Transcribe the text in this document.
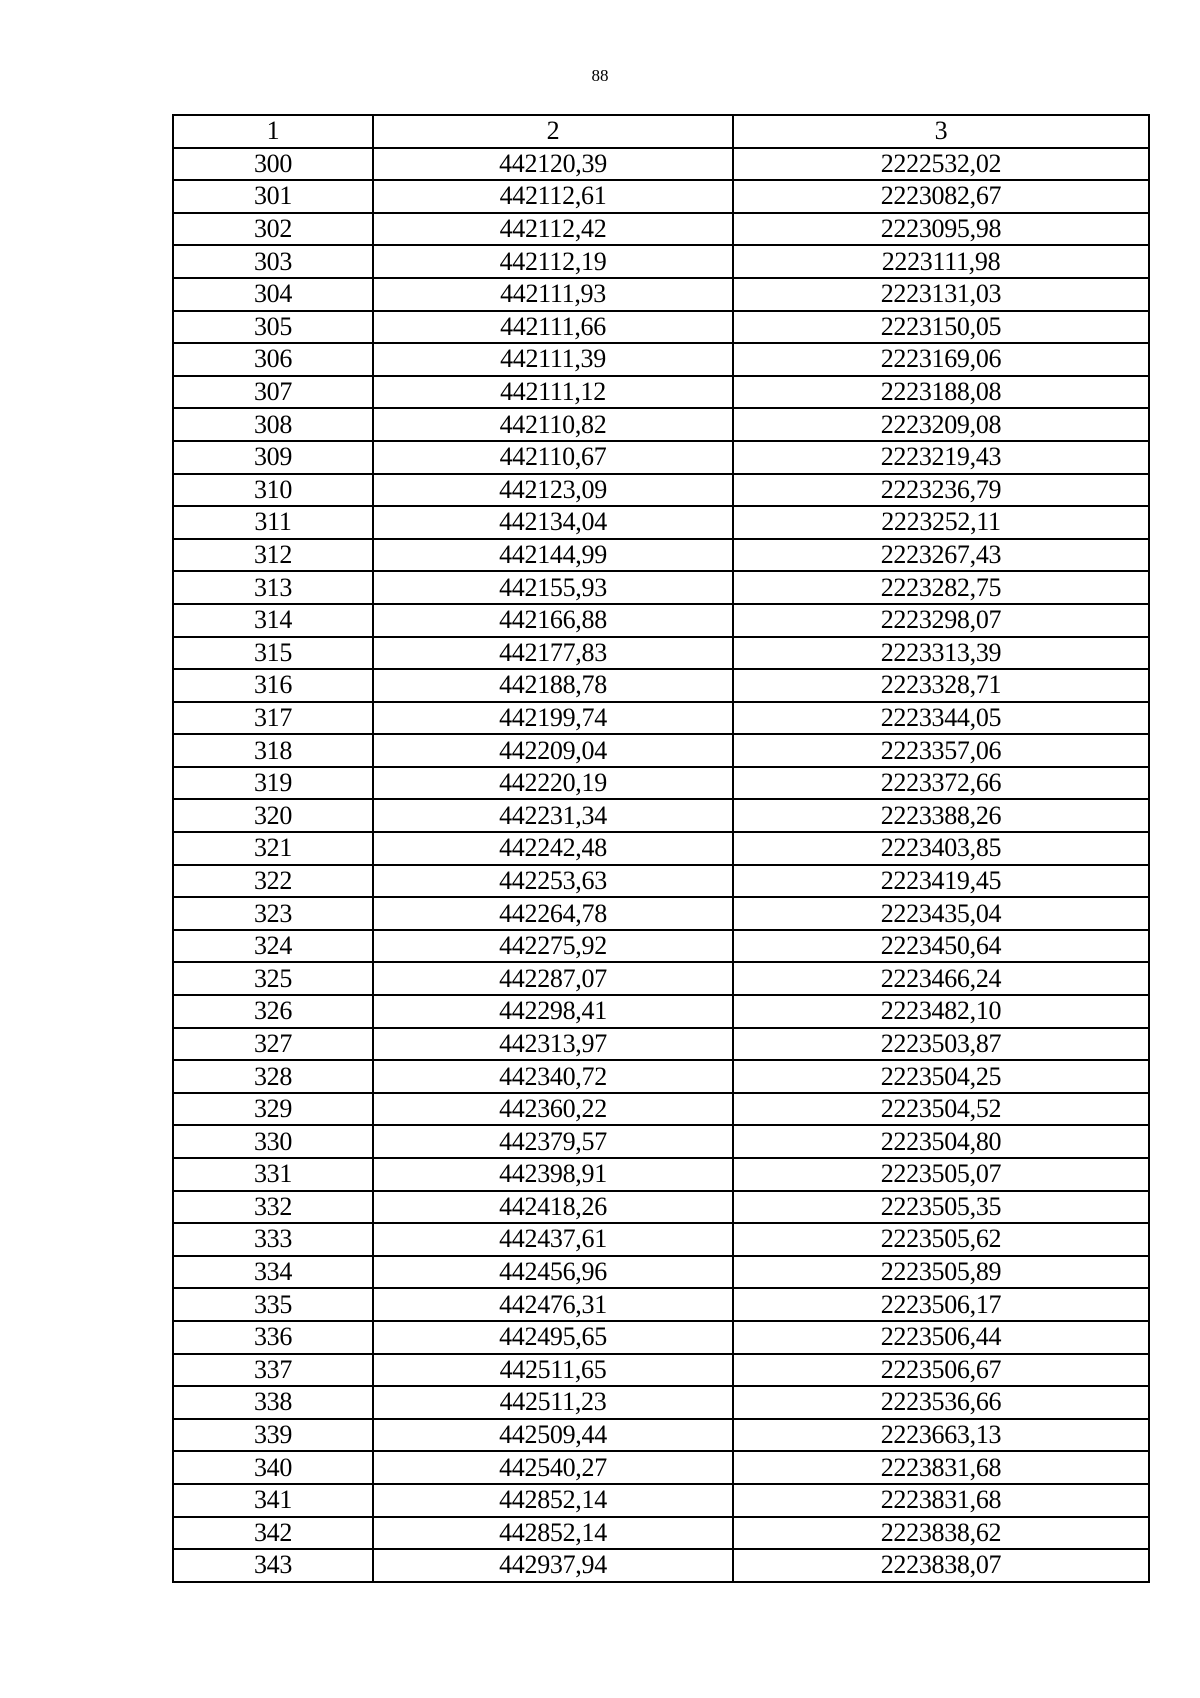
88
1	2	3
300	442120,39	2222532,02
301	442112,61	2223082,67
302	442112,42	2223095,98
303	442112,19	2223111,98
304	442111,93	2223131,03
305	442111,66	2223150,05
306	442111,39	2223169,06
307	442111,12	2223188,08
308	442110,82	2223209,08
309	442110,67	2223219,43
310	442123,09	2223236,79
311	442134,04	2223252,11
312	442144,99	2223267,43
313	442155,93	2223282,75
314	442166,88	2223298,07
315	442177,83	2223313,39
316	442188,78	2223328,71
317	442199,74	2223344,05
318	442209,04	2223357,06
319	442220,19	2223372,66
320	442231,34	2223388,26
321	442242,48	2223403,85
322	442253,63	2223419,45
323	442264,78	2223435,04
324	442275,92	2223450,64
325	442287,07	2223466,24
326	442298,41	2223482,10
327	442313,97	2223503,87
328	442340,72	2223504,25
329	442360,22	2223504,52
330	442379,57	2223504,80
331	442398,91	2223505,07
332	442418,26	2223505,35
333	442437,61	2223505,62
334	442456,96	2223505,89
335	442476,31	2223506,17
336	442495,65	2223506,44
337	442511,65	2223506,67
338	442511,23	2223536,66
339	442509,44	2223663,13
340	442540,27	2223831,68
341	442852,14	2223831,68
342	442852,14	2223838,62
343	442937,94	2223838,07
